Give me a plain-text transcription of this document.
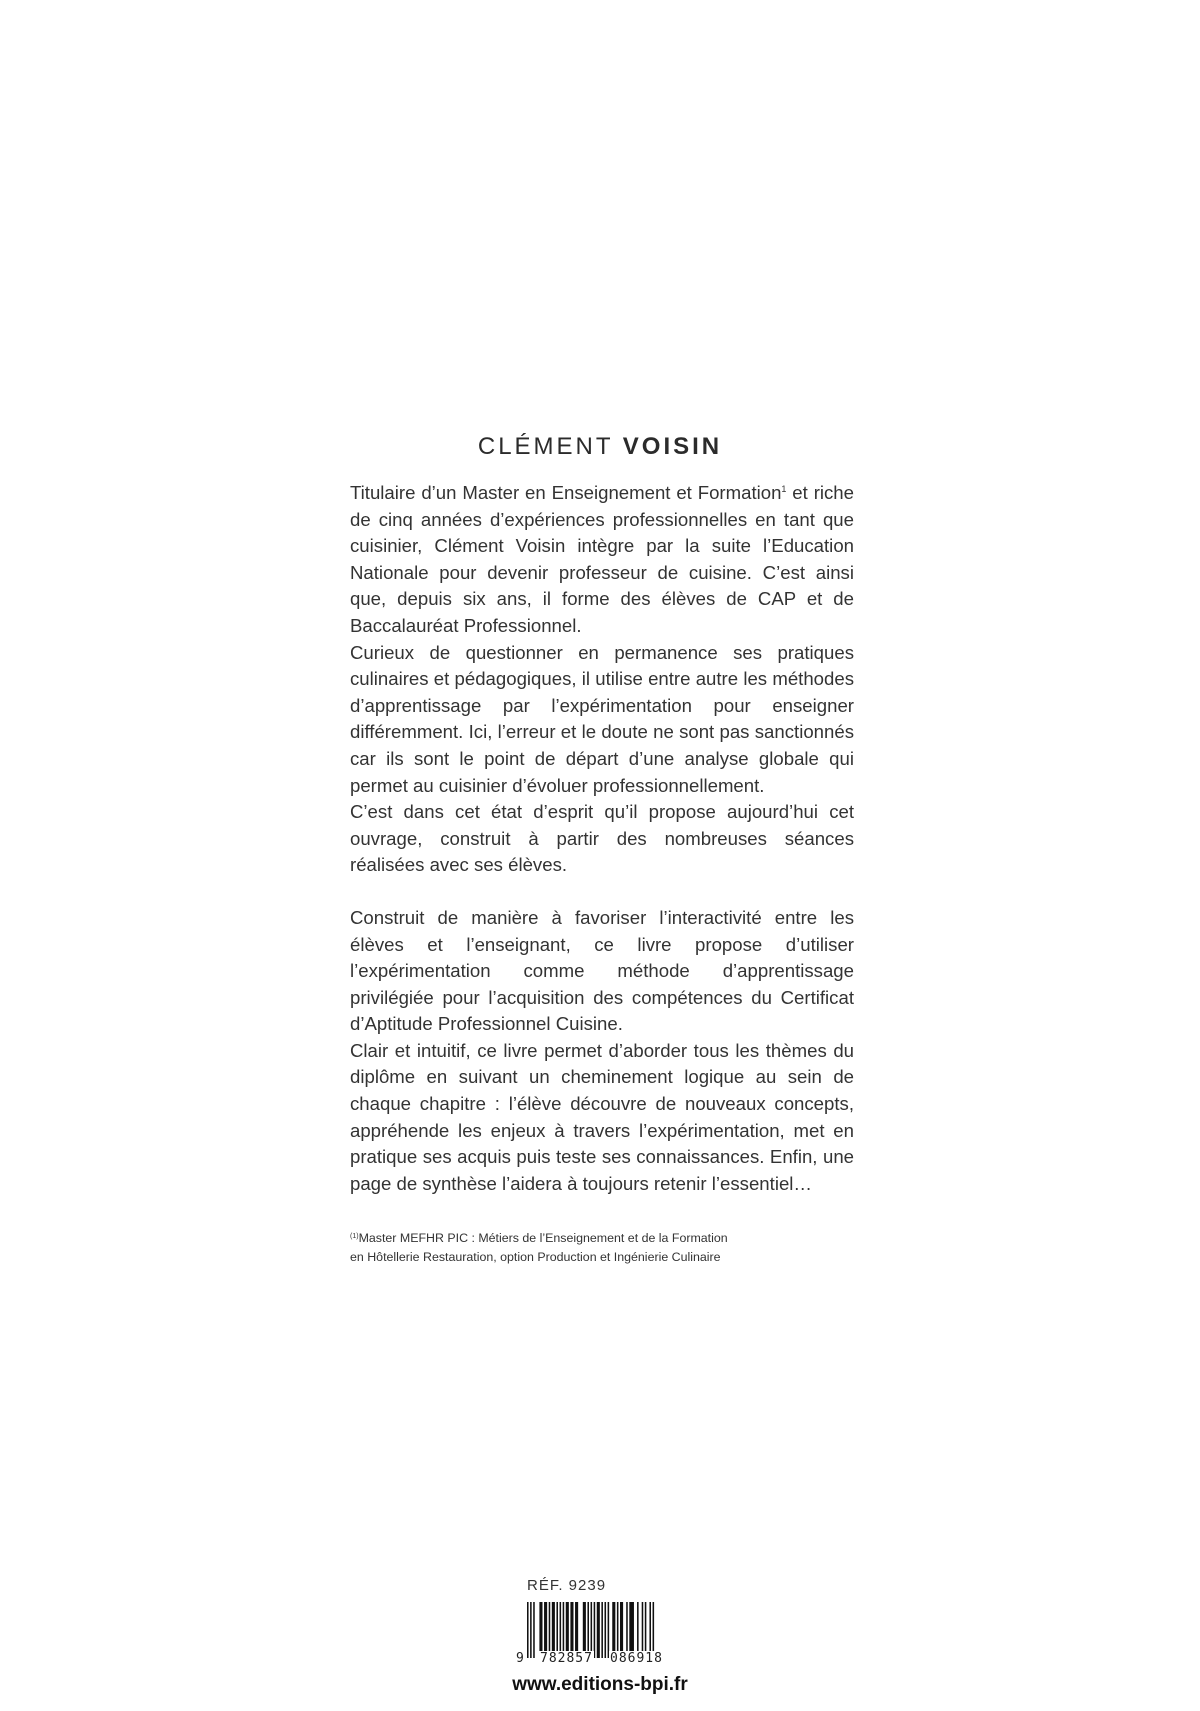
CLÉMENT VOISIN

Titulaire d’un Master en Enseignement et Formation$^1$ et riche de cinq années d’expériences professionnelles en tant que cuisinier, Clément Voisin intègre par la suite l’Education Nationale pour devenir professeur de cuisine. C’est ainsi que, depuis six ans, il forme des élèves de CAP et de Baccalauréat Professionnel.

Curieux de questionner en permanence ses pratiques culinaires et pédagogiques, il utilise entre autre les méthodes d’apprentissage par l’expérimentation pour enseigner différemment. Ici, l’erreur et le doute ne sont pas sanctionnés car ils sont le point de départ d’une analyse globale qui permet au cuisinier d’évoluer professionnellement.

C’est dans cet état d’esprit qu’il propose aujourd’hui cet ouvrage, construit à partir des nombreuses séances réalisées avec ses élèves.

Construit de manière à favoriser l’interactivité entre les élèves et l’enseignant, ce livre propose d’utiliser l’expérimentation comme méthode d’apprentissage privilégiée pour l’acquisition des compétences du Certificat d’Aptitude Professionnel Cuisine.

Clair et intuitif, ce livre permet d’aborder tous les thèmes du diplôme en suivant un cheminement logique au sein de chaque chapitre : l’élève découvre de nouveaux concepts, appréhende les enjeux à travers l’expérimentation, met en pratique ses acquis puis teste ses connaissances. Enfin, une page de synthèse l’aidera à toujours retenir l’essentiel…

$^{(1)}$Master MEFHR PIC : Métiers de l’Enseignement et de la Formation
en Hôtellerie Restauration, option Production et Ingénierie Culinaire
RÉF. 9239
9 782857 086918
www.editions-bpi.fr
